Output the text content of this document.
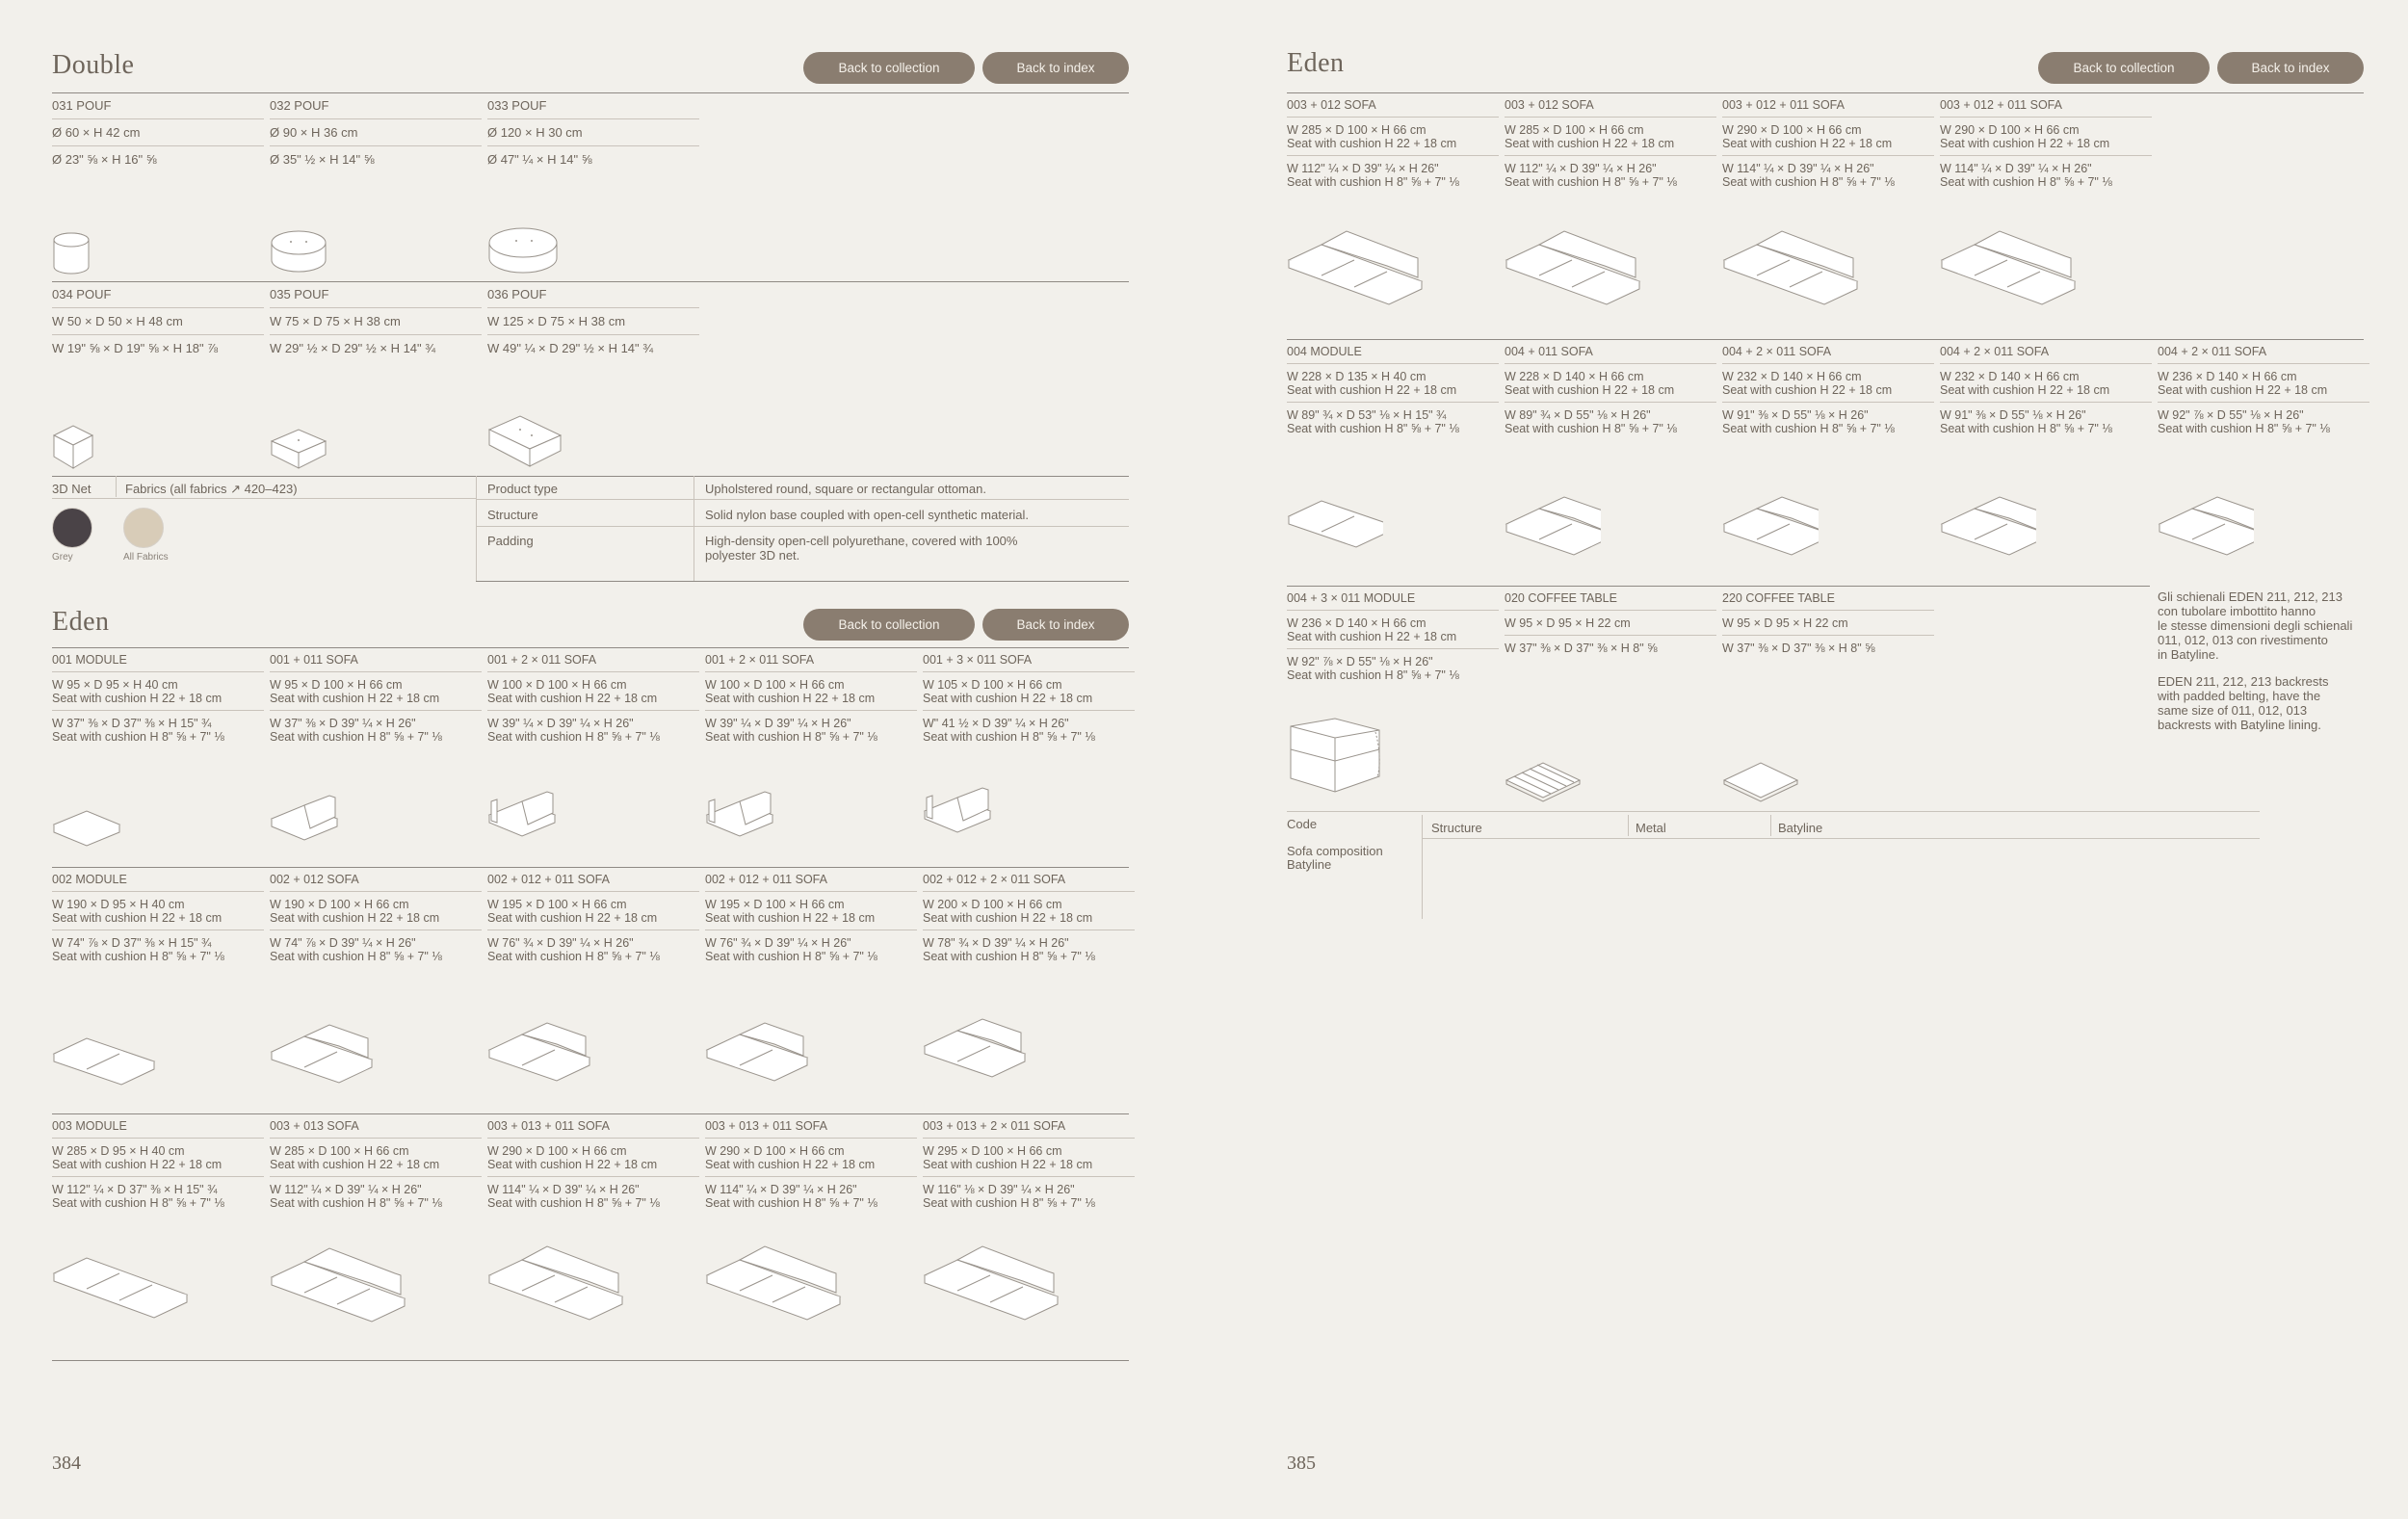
Double	Back to collection	Back to index
031 POUF
Ø 60 × H 42 cm
Ø 23" ⅝ × H 16" ⅝
032 POUF
Ø 90 × H 36 cm
Ø 35" ½ × H 14" ⅝
033 POUF
Ø 120 × H 30 cm
Ø 47" ¼ × H 14" ⅝
034 POUF
W 50 × D 50 × H 48 cm
W 19" ⅝ × D 19" ⅝ × H 18" ⅞
035 POUF
W 75 × D 75 × H 38 cm
W 29" ½ × D 29" ½ × H 14" ¾
036 POUF
W 125 × D 75 × H 38 cm
W 49" ¼ × D 29" ½ × H 14" ¾
3D Net	Fabrics (all fabrics ↗ 420–423)
Grey	All Fabrics
Product type	Upholstered round, square or rectangular ottoman.
Structure	Solid nylon base coupled with open-cell synthetic material.
Padding	High-density open-cell polyurethane, covered with 100%
polyester 3D net.
Eden	Back to collection	Back to index
001 MODULE
W 95 × D 95 × H 40 cm
Seat with cushion H 22 + 18 cm
W 37" ⅜ × D 37" ⅜ × H 15" ¾
Seat with cushion H 8" ⅝ + 7" ⅛
001 + 011 SOFA
W 95 × D 100 × H 66 cm
Seat with cushion H 22 + 18 cm
W 37" ⅜ × D 39" ¼ × H 26"
Seat with cushion H 8" ⅝ + 7" ⅛
001 + 2 × 011 SOFA
W 100 × D 100 × H 66 cm
Seat with cushion H 22 + 18 cm
W 39" ¼ × D 39" ¼ × H 26"
Seat with cushion H 8" ⅝ + 7" ⅛
001 + 2 × 011 SOFA
W 100 × D 100 × H 66 cm
Seat with cushion H 22 + 18 cm
W 39" ¼ × D 39" ¼ × H 26"
Seat with cushion H 8" ⅝ + 7" ⅛
001 + 3 × 011 SOFA
W 105 × D 100 × H 66 cm
Seat with cushion H 22 + 18 cm
W" 41 ½ × D 39" ¼ × H 26"
Seat with cushion H 8" ⅝ + 7" ⅛
002 MODULE
W 190 × D 95 × H 40 cm
Seat with cushion H 22 + 18 cm
W 74" ⅞ × D 37" ⅜ × H 15" ¾
Seat with cushion H 8" ⅝ + 7" ⅛
002 + 012 SOFA
W 190 × D 100 × H 66 cm
Seat with cushion H 22 + 18 cm
W 74" ⅞ × D 39" ¼ × H 26"
Seat with cushion H 8" ⅝ + 7" ⅛
002 + 012 + 011 SOFA
W 195 × D 100 × H 66 cm
Seat with cushion H 22 + 18 cm
W 76" ¾ × D 39" ¼ × H 26"
Seat with cushion H 8" ⅝ + 7" ⅛
002 + 012 + 011 SOFA
W 195 × D 100 × H 66 cm
Seat with cushion H 22 + 18 cm
W 76" ¾ × D 39" ¼ × H 26"
Seat with cushion H 8" ⅝ + 7" ⅛
002 + 012 + 2 × 011 SOFA
W 200 × D 100 × H 66 cm
Seat with cushion H 22 + 18 cm
W 78" ¾ × D 39" ¼ × H 26"
Seat with cushion H 8" ⅝ + 7" ⅛
003 MODULE
W 285 × D 95 × H 40 cm
Seat with cushion H 22 + 18 cm
W 112" ¼ × D 37" ⅜ × H 15" ¾
Seat with cushion H 8" ⅝ + 7" ⅛
003 + 013 SOFA
W 285 × D 100 × H 66 cm
Seat with cushion H 22 + 18 cm
W 112" ¼ × D 39" ¼ × H 26"
Seat with cushion H 8" ⅝ + 7" ⅛
003 + 013 + 011 SOFA
W 290 × D 100 × H 66 cm
Seat with cushion H 22 + 18 cm
W 114" ¼ × D 39" ¼ × H 26"
Seat with cushion H 8" ⅝ + 7" ⅛
003 + 013 + 011 SOFA
W 290 × D 100 × H 66 cm
Seat with cushion H 22 + 18 cm
W 114" ¼ × D 39" ¼ × H 26"
Seat with cushion H 8" ⅝ + 7" ⅛
003 + 013 + 2 × 011 SOFA
W 295 × D 100 × H 66 cm
Seat with cushion H 22 + 18 cm
W 116" ⅛ × D 39" ¼ × H 26"
Seat with cushion H 8" ⅝ + 7" ⅛
384
Eden	Back to collection	Back to index
003 + 012 SOFA
W 285 × D 100 × H 66 cm
Seat with cushion H 22 + 18 cm
W 112" ¼ × D 39" ¼ × H 26"
Seat with cushion H 8" ⅝ + 7" ⅛
003 + 012 SOFA
W 285 × D 100 × H 66 cm
Seat with cushion H 22 + 18 cm
W 112" ¼ × D 39" ¼ × H 26"
Seat with cushion H 8" ⅝ + 7" ⅛
003 + 012 + 011 SOFA
W 290 × D 100 × H 66 cm
Seat with cushion H 22 + 18 cm
W 114" ¼ × D 39" ¼ × H 26"
Seat with cushion H 8" ⅝ + 7" ⅛
003 + 012 + 011 SOFA
W 290 × D 100 × H 66 cm
Seat with cushion H 22 + 18 cm
W 114" ¼ × D 39" ¼ × H 26"
Seat with cushion H 8" ⅝ + 7" ⅛
004 MODULE
W 228 × D 135 × H 40 cm
Seat with cushion H 22 + 18 cm
W 89" ¾ × D 53" ⅛ × H 15" ¾
Seat with cushion H 8" ⅝ + 7" ⅛
004 + 011 SOFA
W 228 × D 140 × H 66 cm
Seat with cushion H 22 + 18 cm
W 89" ¾ × D 55" ⅛ × H 26"
Seat with cushion H 8" ⅝ + 7" ⅛
004 + 2 × 011 SOFA
W 232 × D 140 × H 66 cm
Seat with cushion H 22 + 18 cm
W 91" ⅜ × D 55" ⅛ × H 26"
Seat with cushion H 8" ⅝ + 7" ⅛
004 + 2 × 011 SOFA
W 232 × D 140 × H 66 cm
Seat with cushion H 22 + 18 cm
W 91" ⅜ × D 55" ⅛ × H 26"
Seat with cushion H 8" ⅝ + 7" ⅛
004 + 2 × 011 SOFA
W 236 × D 140 × H 66 cm
Seat with cushion H 22 + 18 cm
W 92" ⅞ × D 55" ⅛ × H 26"
Seat with cushion H 8" ⅝ + 7" ⅛
004 + 3 × 011 MODULE
W 236 × D 140 × H 66 cm
Seat with cushion H 22 + 18 cm
W 92" ⅞ × D 55" ⅛ × H 26"
Seat with cushion H 8" ⅝ + 7" ⅛
020 COFFEE TABLE
W 95 × D 95 × H 22 cm
W 37" ⅜ × D 37" ⅜ × H 8" ⅝
220 COFFEE TABLE
W 95 × D 95 × H 22 cm
W 37" ⅜ × D 37" ⅜ × H 8" ⅝
Gli schienali EDEN 211, 212, 213
con tubolare imbottito hanno
le stesse dimensioni degli schienali
011, 012, 013 con rivestimento
in Batyline.
EDEN 211, 212, 213 backrests
with padded belting, have the
same size of 011, 012, 013
backrests with Batyline lining.
Code	Structure	Metal	Batyline
Sofa composition
Batyline
385
